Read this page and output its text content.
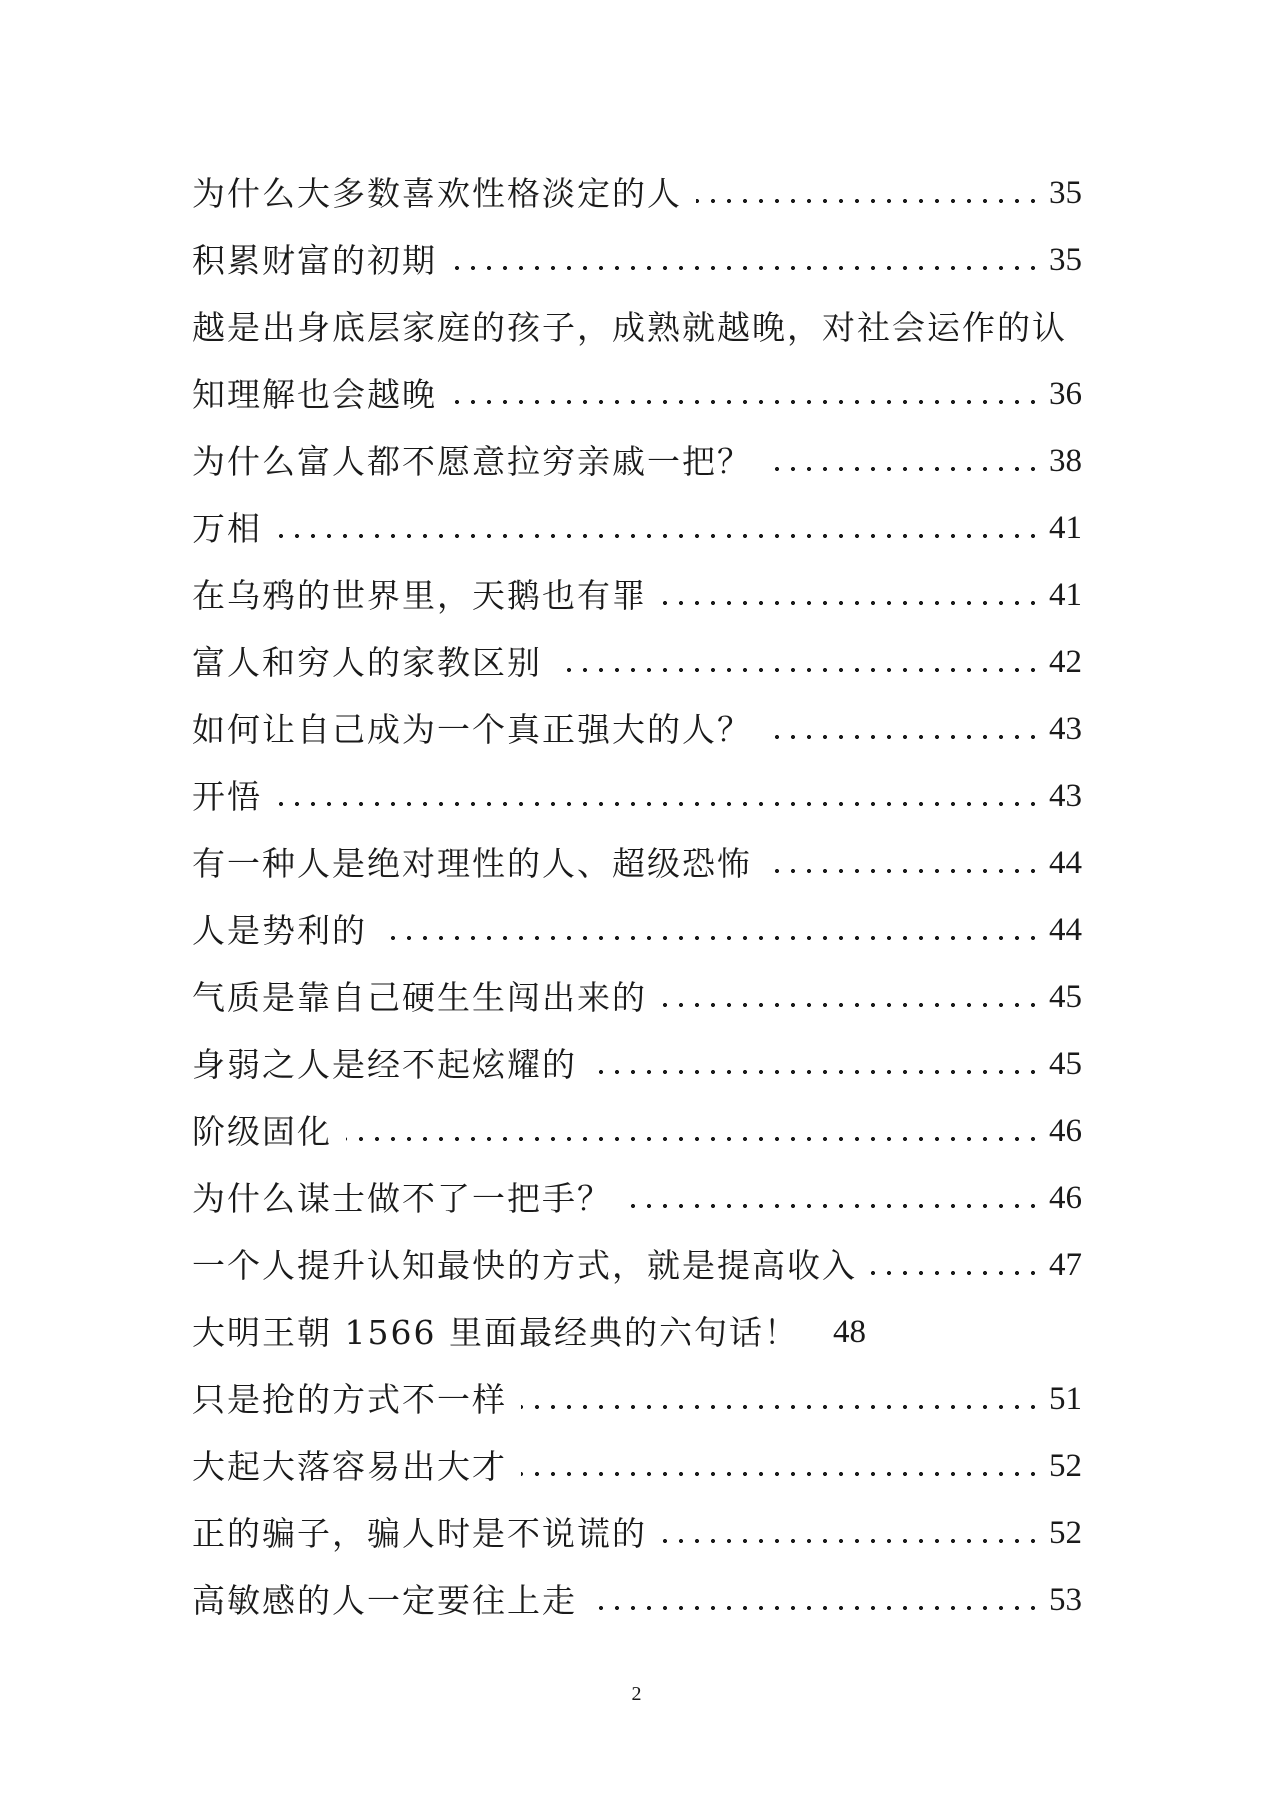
为什么大多数喜欢性格淡定的人	35
积累财富的初期	35
越是出身底层家庭的孩子，成熟就越晚，对社会运作的认
知理解也会越晚	36
为什么富人都不愿意拉穷亲戚一把？	38
万相	41
在乌鸦的世界里，天鹅也有罪	41
富人和穷人的家教区别	42
如何让自己成为一个真正强大的人？	43
开悟	43
有一种人是绝对理性的人、超级恐怖	44
人是势利的	44
气质是靠自己硬生生闯出来的	45
身弱之人是经不起炫耀的	45
阶级固化	46
为什么谋士做不了一把手？	46
一个人提升认知最快的方式，就是提高收入	47
大明王朝 1566 里面最经典的六句话！ 48
只是抢的方式不一样	51
大起大落容易出大才	52
正的骗子，骗人时是不说谎的	52
高敏感的人一定要往上走	53
2
